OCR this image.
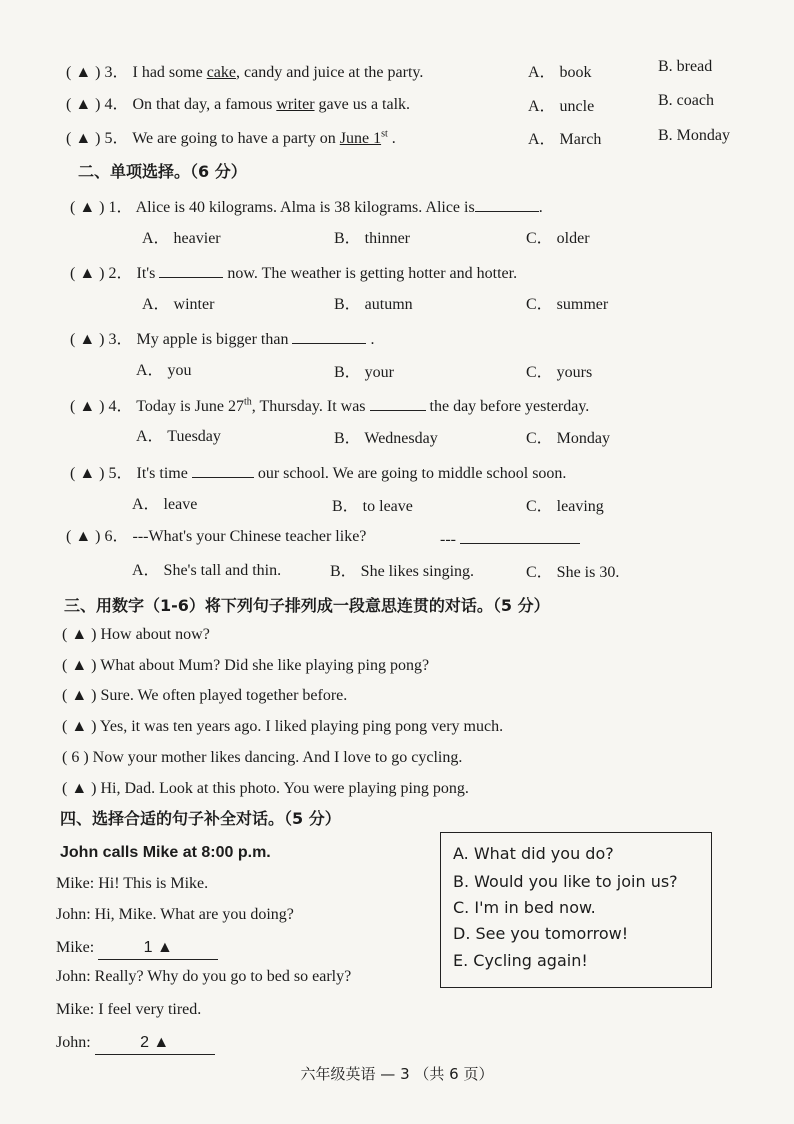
( ▲ ) 3． I had some cake, candy and juice at the party.	A． book	B. bread
( ▲ ) 4． On that day, a famous writer gave us a talk.	A． uncle	B. coach
( ▲ ) 5． We are going to have a party on June 1st .	A． March	B. Monday
二、单项选择。（6 分）
( ▲ ) 1． Alice is 40 kilograms. Alma is 38 kilograms. Alice is	.
A． heavier	B． thinner	C． older
( ▲ ) 2． It's	now. The weather is getting hotter and hotter.
A． winter	B． autumn	C． summer
( ▲ ) 3． My apple is bigger than	.
A． you	B． your	C． yours
( ▲ ) 4． Today is June 27th, Thursday. It was	the day before yesterday.
A． Tuesday	B． Wednesday	C． Monday
( ▲ ) 5． It's time	our school. We are going to middle school soon.
A． leave	B． to leave	C． leaving
( ▲ ) 6． ---What's your Chinese teacher like?	---
A． She's tall and thin.	B． She likes singing.	C． She is 30.
三、用数字（1-6）将下列句子排列成一段意思连贯的对话。（5 分）
( ▲ ) How about now?
( ▲ ) What about Mum? Did she like playing ping pong?
( ▲ ) Sure. We often played together before.
( ▲ ) Yes, it was ten years ago. I liked playing ping pong very much.
( 6 ) Now your mother likes dancing. And I love to go cycling.
( ▲ ) Hi, Dad. Look at this photo. You were playing ping pong.
四、选择合适的句子补全对话。（5 分）
John calls Mike at 8:00 p.m.
Mike: Hi! This is Mike.
John: Hi, Mike. What are you doing?
Mike:	1 ▲
John: Really? Why do you go to bed so early?
Mike: I feel very tired.
John:	2 ▲
A. What did you do?
B. Would you like to join us?
C. I'm in bed now.
D. See you tomorrow!
E. Cycling again!
六年级英语 — 3 （共 6 页）
